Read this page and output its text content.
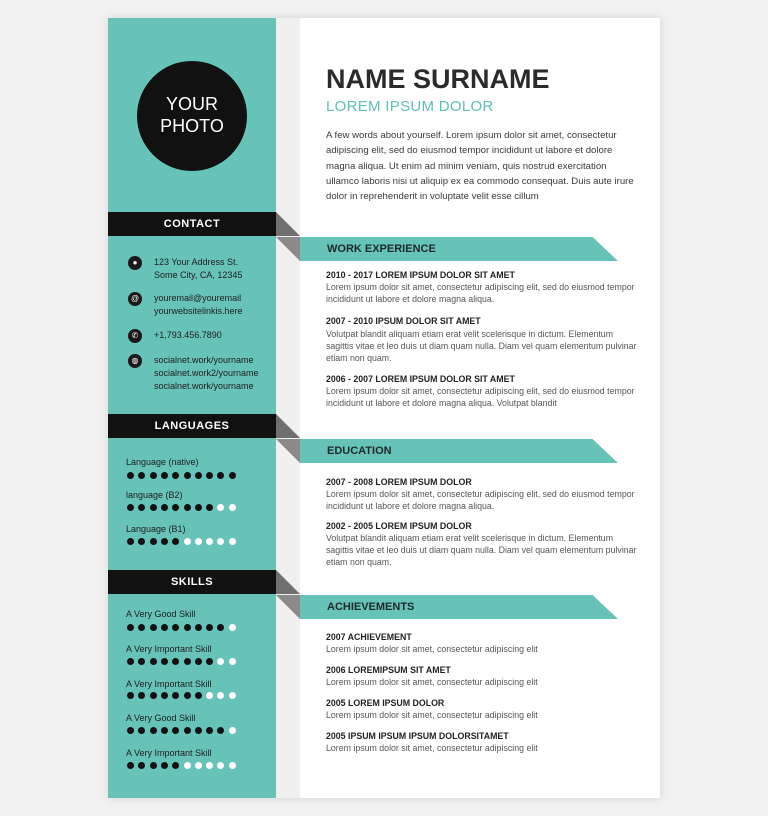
YOUR
PHOTO
CONTACT
●	123 Your Address St.
Some City, CA, 12345
@	youremail@youremail
yourwebsitelinkis.here
✆	+1,793.456.7890
◍	socialnet.work/yourname
socialnet.work2/yourname
socialnet.work/yourname
LANGUAGES
Language (native)
language (B2)
Language (B1)
SKILLS
A Very Good Skill
A Very Important Skill
A Very Important Skill
A Very Good Skill
A Very Important Skill
NAME SURNAME
LOREM IPSUM DOLOR
A few words about yourself. Lorem ipsum dolor sit amet, consectetur adipiscing elit, sed do eiusmod tempor incididunt ut labore et dolore magna aliqua. Ut enim ad minim veniam, quis nostrud exercitation ullamco laboris nisi ut aliquip ex ea commodo consequat. Duis aute irure dolor in reprehenderit in voluptate velit esse cillum
WORK EXPERIENCE
2010 - 2017 LOREM IPSUM DOLOR SIT AMET
Lorem ipsum dolor sit amet, consectetur adipiscing elit, sed do eiusmod tempor incididunt ut labore et dolore magna aliqua.
2007 - 2010 IPSUM DOLOR SIT AMET
Volutpat blandit aliquam etiam erat velit scelerisque in dictum. Elementum sagittis vitae et leo duis ut diam quam nulla. Diam vel quam elementum pulvinar etiam non quam.
2006 - 2007 LOREM IPSUM DOLOR SIT AMET
Lorem ipsum dolor sit amet, consectetur adipiscing elit, sed do eiusmod tempor incididunt ut labore et dolore magna aliqua. Volutpat blandit
EDUCATION
2007 - 2008 LOREM IPSUM DOLOR
Lorem ipsum dolor sit amet, consectetur adipiscing elit, sed do eiusmod tempor incididunt ut labore et dolore magna aliqua.
2002 - 2005 LOREM IPSUM DOLOR
Volutpat blandit aliquam etiam erat velit scelerisque in dictum. Elementum sagittis vitae et leo duis ut diam quam nulla. Diam vel quam elementum pulvinar etiam non quam.
ACHIEVEMENTS
2007 ACHIEVEMENT
Lorem ipsum dolor sit amet, consectetur adipiscing elit
2006 LOREMIPSUM SIT AMET
Lorem ipsum dolor sit amet, consectetur adipiscing elit
2005 LOREM IPSUM DOLOR
Lorem ipsum dolor sit amet, consectetur adipiscing elit
2005 IPSUM IPSUM IPSUM DOLORSITAMET
Lorem ipsum dolor sit amet, consectetur adipiscing elit
